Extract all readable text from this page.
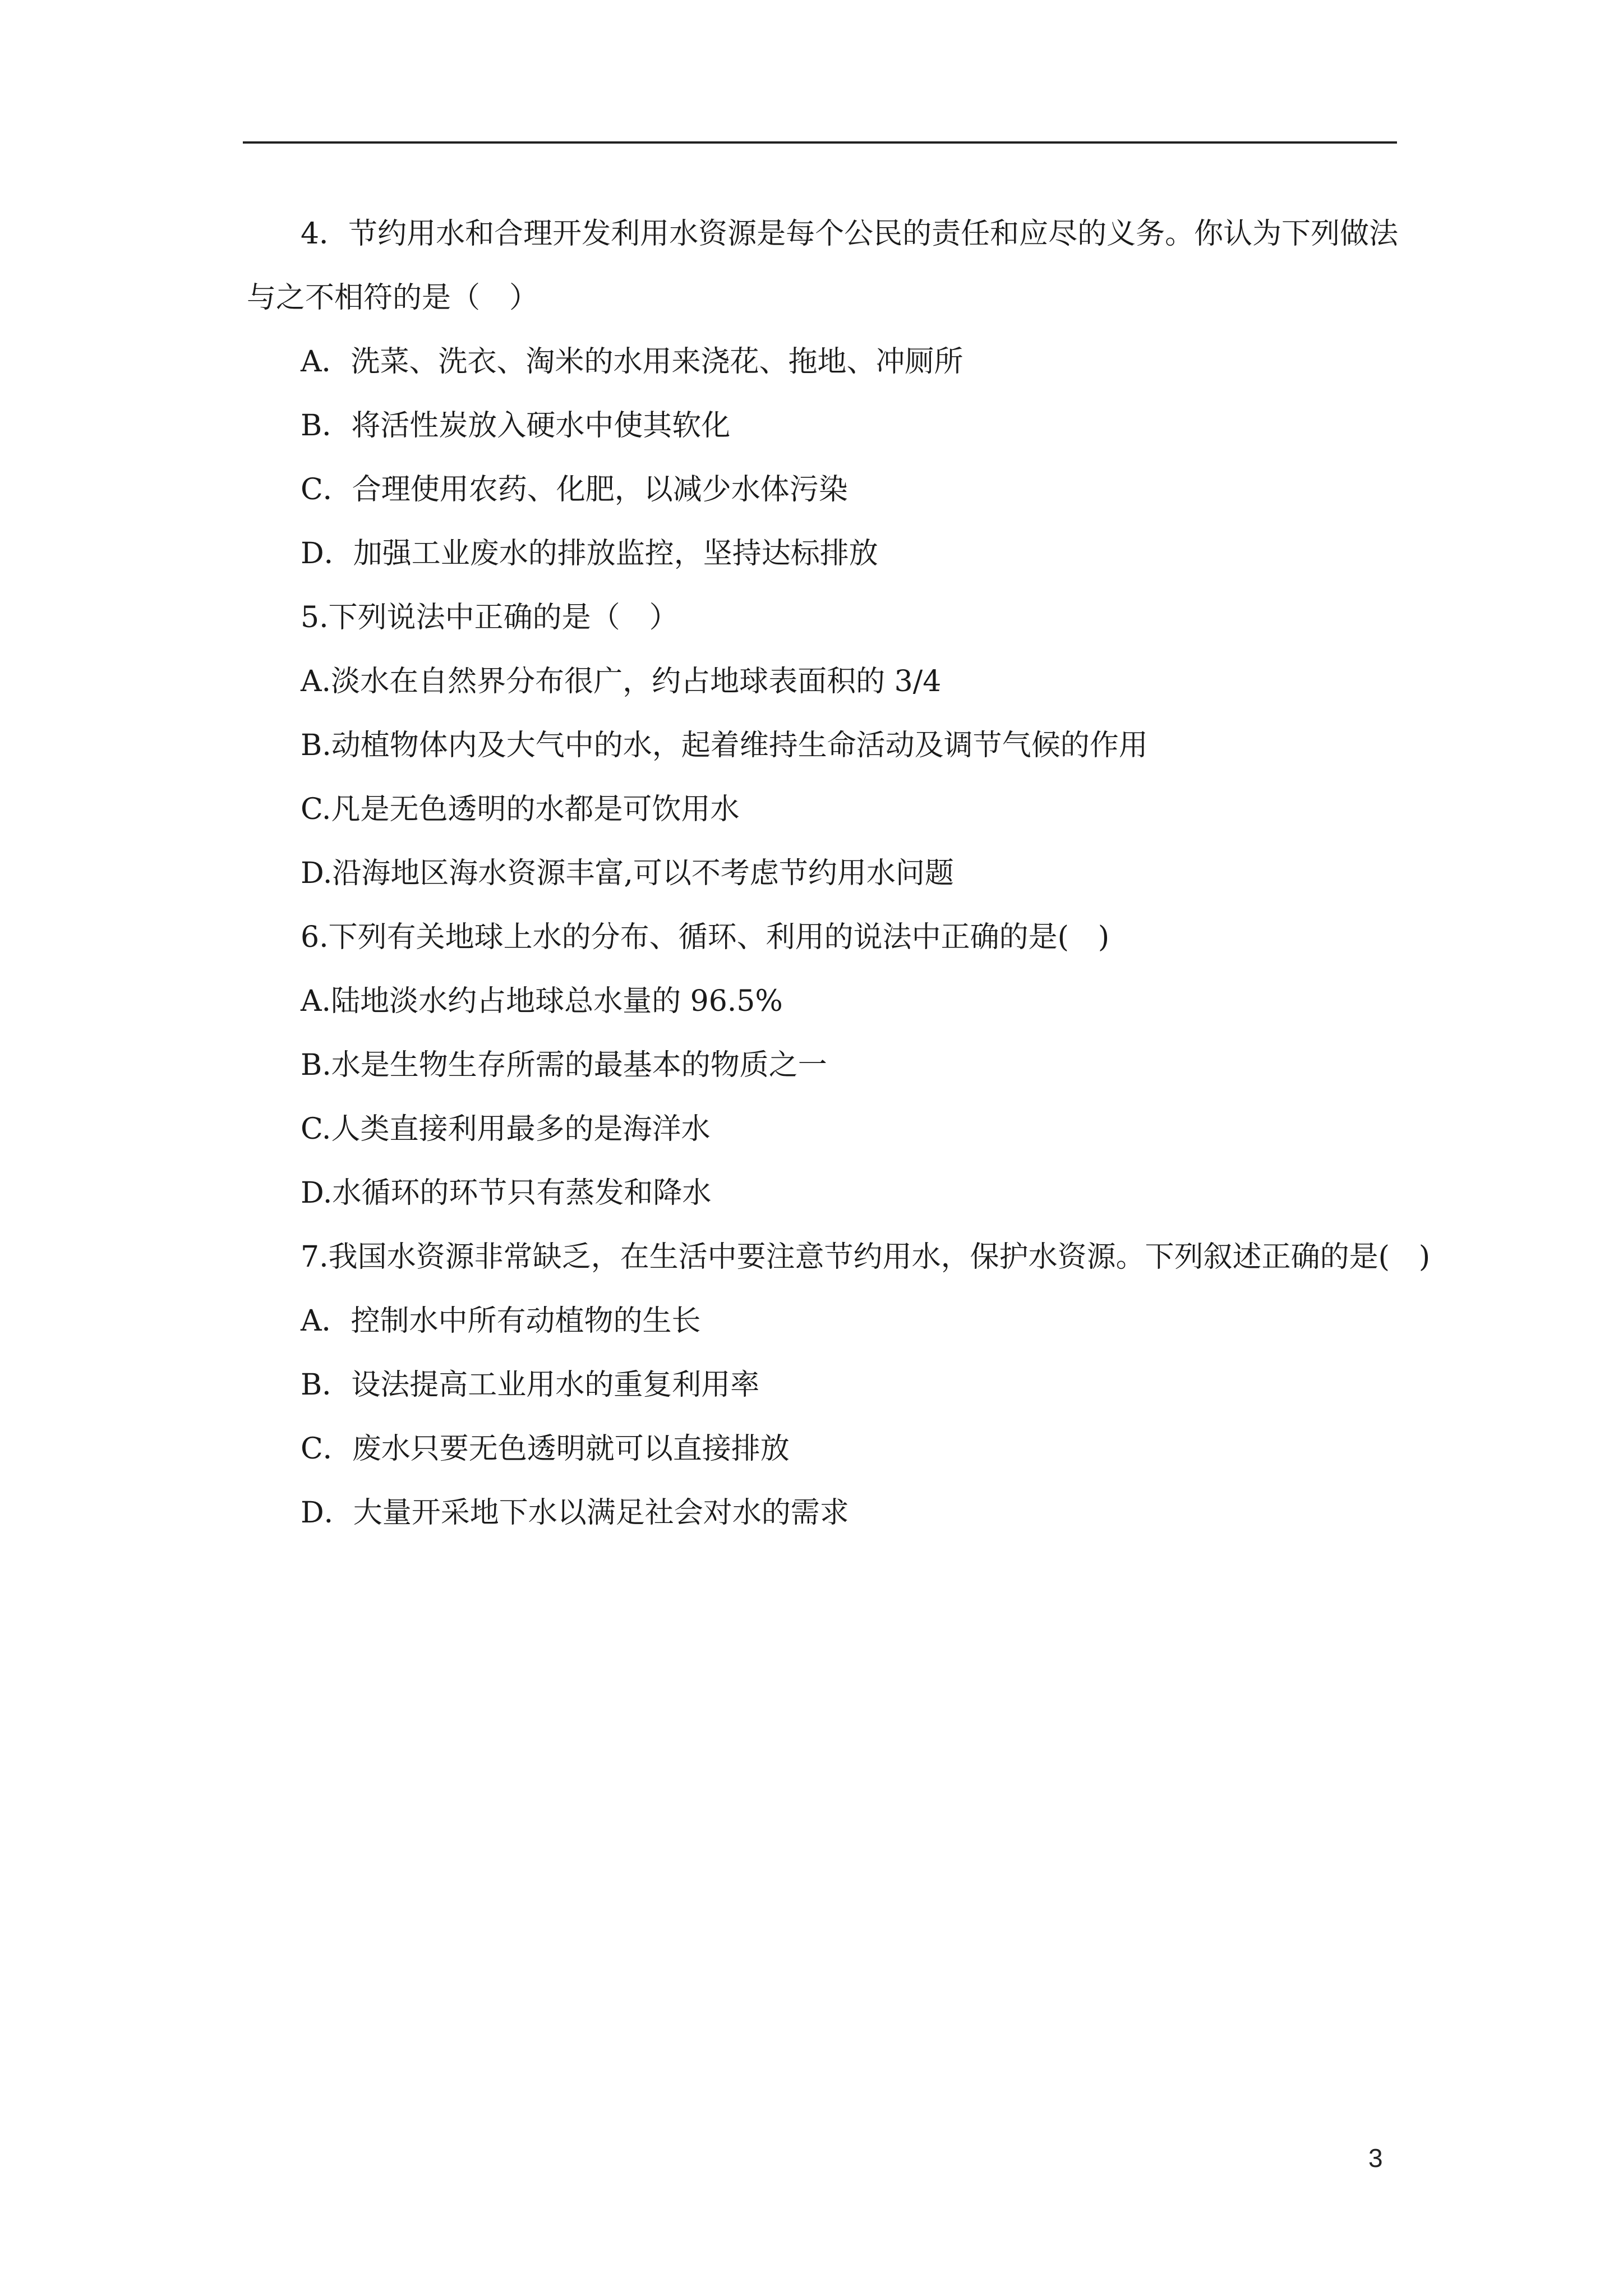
4．节约用水和合理开发利用水资源是每个公民的责任和应尽的义务。你认为下列做法

与之不相符的是（　）

A．洗菜、洗衣、淘米的水用来浇花、拖地、冲厕所

B．将活性炭放入硬水中使其软化

C．合理使用农药、化肥，以减少水体污染

D．加强工业废水的排放监控，坚持达标排放

5.下列说法中正确的是（　）

A.淡水在自然界分布很广，约占地球表面积的 3/4

B.动植物体内及大气中的水，起着维持生命活动及调节气候的作用

C.凡是无色透明的水都是可饮用水

D.沿海地区海水资源丰富,可以不考虑节约用水问题

6.下列有关地球上水的分布、循环、利用的说法中正确的是(　)

A.陆地淡水约占地球总水量的 96.5%

B.水是生物生存所需的最基本的物质之一

C.人类直接利用最多的是海洋水

D.水循环的环节只有蒸发和降水

7.我国水资源非常缺乏，在生活中要注意节约用水，保护水资源。下列叙述正确的是(　)

A．控制水中所有动植物的生长

B．设法提高工业用水的重复利用率

C．废水只要无色透明就可以直接排放

D．大量开采地下水以满足社会对水的需求

3
